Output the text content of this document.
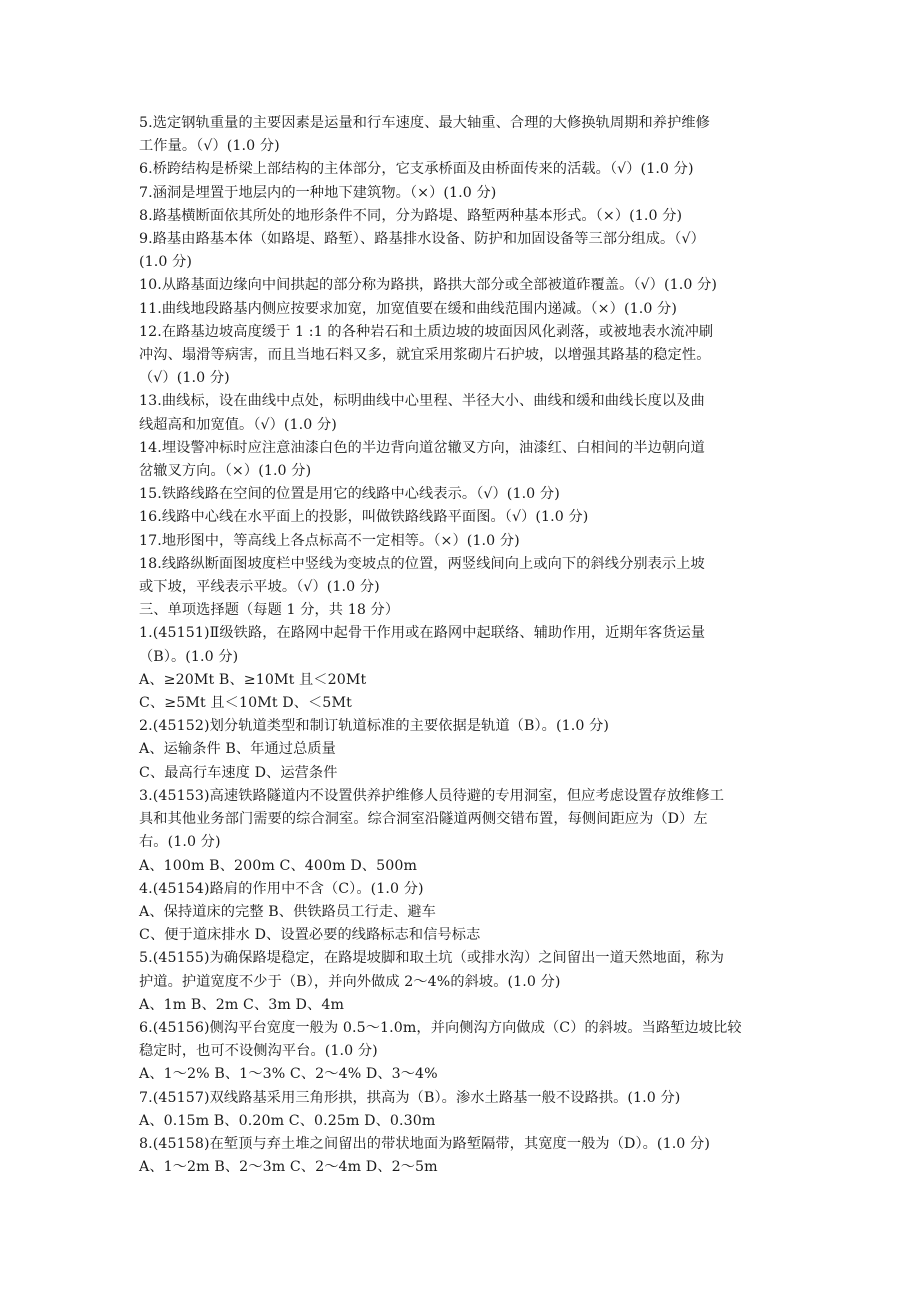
5.选定钢轨重量的主要因素是运量和行车速度、最大轴重、合理的大修换轨周期和养护维修

工作量。（√）(1.0 分)

6.桥跨结构是桥梁上部结构的主体部分，它支承桥面及由桥面传来的活载。（√）(1.0 分)

7.涵洞是埋置于地层内的一种地下建筑物。（×）(1.0 分)

8.路基横断面依其所处的地形条件不同，分为路堤、路堑两种基本形式。（×）(1.0 分)

9.路基由路基本体（如路堤、路堑）、路基排水设备、防护和加固设备等三部分组成。（√）

(1.0 分)

10.从路基面边缘向中间拱起的部分称为路拱，路拱大部分或全部被道砟覆盖。（√）(1.0 分)

11.曲线地段路基内侧应按要求加宽，加宽值要在缓和曲线范围内递减。（×）(1.0 分)

12.在路基边坡高度缓于 1 :1 的各种岩石和土质边坡的坡面因风化剥落，或被地表水流冲刷

冲沟、塌滑等病害，而且当地石料又多，就宜采用浆砌片石护坡，以增强其路基的稳定性。

（√）(1.0 分)

13.曲线标，设在曲线中点处，标明曲线中心里程、半径大小、曲线和缓和曲线长度以及曲

线超高和加宽值。（√）(1.0 分)

14.埋设警冲标时应注意油漆白色的半边背向道岔辙叉方向，油漆红、白相间的半边朝向道

岔辙叉方向。（×）(1.0 分)

15.铁路线路在空间的位置是用它的线路中心线表示。（√）(1.0 分)

16.线路中心线在水平面上的投影，叫做铁路线路平面图。（√）(1.0 分)

17.地形图中，等高线上各点标高不一定相等。（×）(1.0 分)

18.线路纵断面图坡度栏中竖线为变坡点的位置，两竖线间向上或向下的斜线分别表示上坡

或下坡，平线表示平坡。（√）(1.0 分)

三、单项选择题（每题 1 分，共 18 分）

1.(45151)Ⅱ级铁路，在路网中起骨干作用或在路网中起联络、辅助作用，近期年客货运量

（B）。(1.0 分)

A、≥20Mt B、≥10Mt 且＜20Mt

C、≥5Mt 且＜10Mt D、＜5Mt

2.(45152)划分轨道类型和制订轨道标准的主要依据是轨道（B）。(1.0 分)

A、运输条件 B、年通过总质量

C、最高行车速度 D、运营条件

3.(45153)高速铁路隧道内不设置供养护维修人员待避的专用洞室，但应考虑设置存放维修工

具和其他业务部门需要的综合洞室。综合洞室沿隧道两侧交错布置，每侧间距应为（D）左

右。(1.0 分)

A、100m B、200m C、400m D、500m

4.(45154)路肩的作用中不含（C）。(1.0 分)

A、保持道床的完整 B、供铁路员工行走、避车

C、便于道床排水 D、设置必要的线路标志和信号标志

5.(45155)为确保路堤稳定，在路堤坡脚和取土坑（或排水沟）之间留出一道天然地面，称为

护道。护道宽度不少于（B），并向外做成 2～4%的斜坡。(1.0 分)

A、1m B、2m C、3m D、4m

6.(45156)侧沟平台宽度一般为 0.5～1.0m，并向侧沟方向做成（C）的斜坡。当路堑边坡比较

稳定时，也可不设侧沟平台。(1.0 分)

A、1～2% B、1～3% C、2～4% D、3～4%

7.(45157)双线路基采用三角形拱，拱高为（B）。渗水土路基一般不设路拱。(1.0 分)

A、0.15m B、0.20m C、0.25m D、0.30m

8.(45158)在堑顶与弃土堆之间留出的带状地面为路堑隔带，其宽度一般为（D）。(1.0 分)

A、1～2m B、2～3m C、2～4m D、2～5m
